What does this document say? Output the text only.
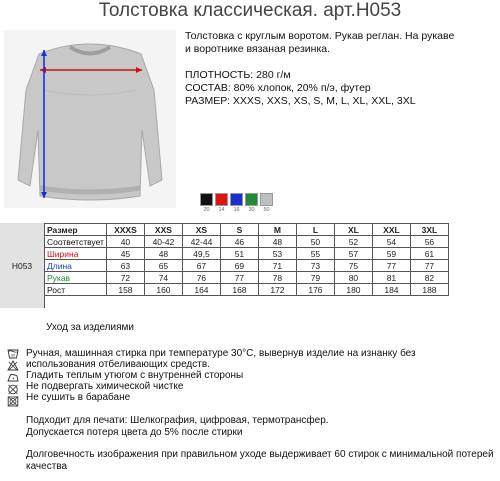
Толстовка классическая. арт.H053

Толстовка с круглым воротом. Рукав реглан. На рукаве

и воротнике вязаная резинка.

ПЛОТНОСТЬ: 280 г/м

СОСТАВ: 80% хлопок, 20% п/э, футер

РАЗМЕР: XXXS, XXS, XS, S, M, L, XL, XXL, 3XL

20	14	16	30	50
H053
Размер	XXXS	XXS	XS	S	M	L	XL	XXL	3XL
Соответствует	40	40-42	42-44	46	48	50	52	54	56
Ширина	45	48	49,5	51	53	55	57	59	61
Длина	63	65	67	69	71	73	75	77	77
Рукав	72	74	76	77	78	79	80	81	82
Рост	158	160	164	168	172	176	180	184	188
Уход за изделиями
30 Ручная, машинная стирка при температуре 30°C, вывернув изделие на изнанку без
использования отбеливающих средств.
Гладить теплым утюгом с внутренней стороны
Не подвергать химической чистке
Не сушить в барабане
Подходит для печати: Шелкография, цифровая, термотрансфер.
Допускается потеря цвета до 5% после стирки
Долговечность изображения при правильном уходе выдерживает 60 стирок с минимальной потерей качества
